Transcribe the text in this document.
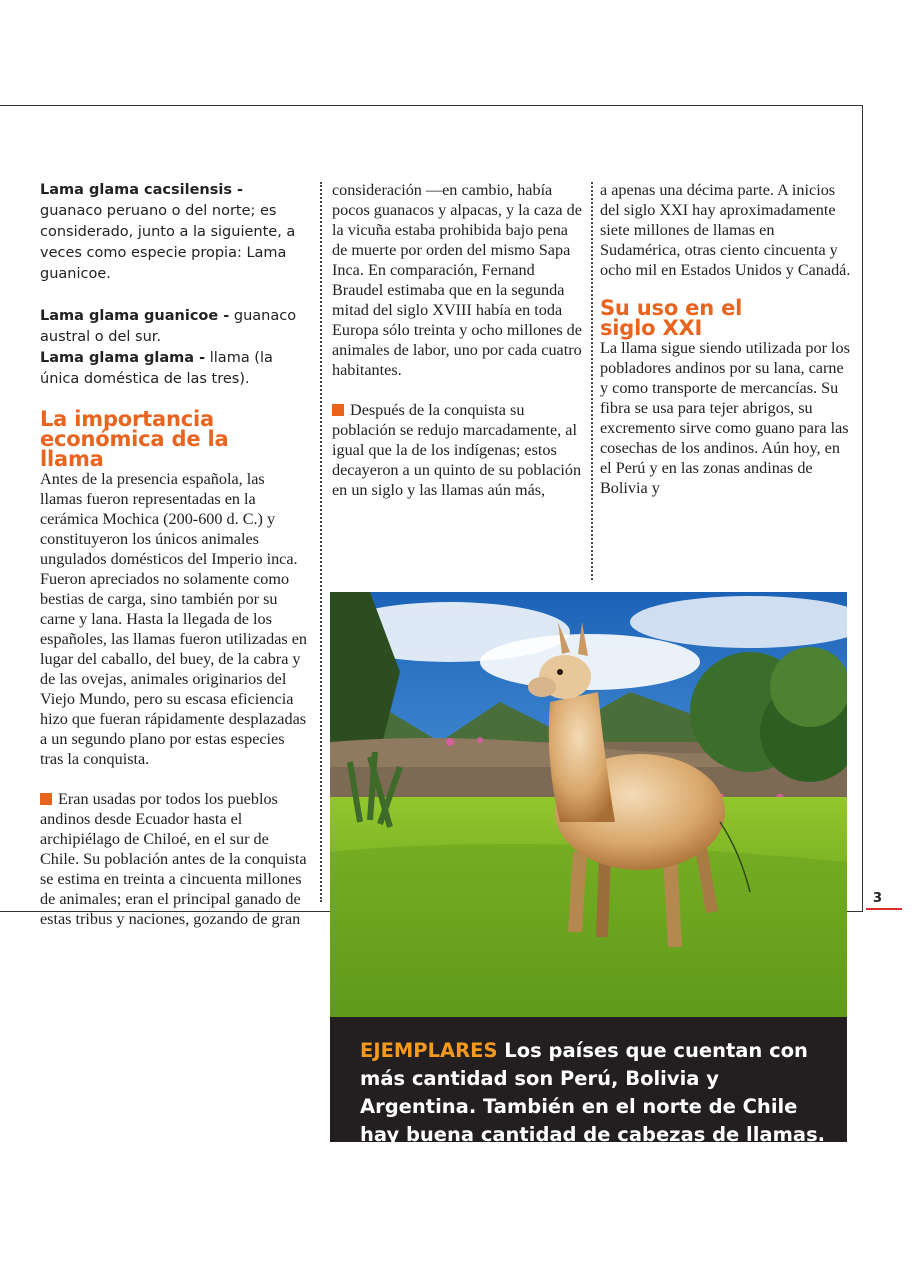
Lama glama cacsilensis - guanaco peruano o del norte; es considerado, junto a la siguiente, a veces como especie propia: Lama guanicoe.

Lama glama guanicoe - guanaco austral o del sur.

Lama glama glama - llama (la única doméstica de las tres).

La importancia económica de la llama

Antes de la presencia española, las llamas fueron representadas en la cerámica Mochica (200-600 d. C.) y constituyeron los únicos animales ungulados domésticos del Imperio inca. Fueron apreciados no solamente como bestias de carga, sino también por su carne y lana. Hasta la llegada de los españoles, las llamas fueron utilizadas en lugar del caballo, del buey, de la cabra y de las ovejas, animales originarios del Viejo Mundo, pero su escasa eficiencia hizo que fueran rápidamente desplazadas a un segundo plano por estas especies tras la conquista.

Eran usadas por todos los pueblos andinos desde Ecuador hasta el archipiélago de Chiloé, en el sur de Chile. Su población antes de la conquista se estima en treinta a cincuenta millones de animales; eran el principal ganado de estas tribus y naciones, gozando de gran

consideración —en cambio, había pocos guanacos y alpacas, y la caza de la vicuña estaba prohibida bajo pena de muerte por orden del mismo Sapa Inca. En comparación, Fernand Braudel estimaba que en la segunda mitad del siglo XVIII había en toda Europa sólo treinta y ocho millones de animales de labor, uno por cada cuatro habitantes.

Después de la conquista su población se redujo marcadamente, al igual que la de los indígenas; estos decayeron a un quinto de su población en un siglo y las llamas aún más,

a apenas una décima parte. A inicios del siglo XXI hay aproximadamente siete millones de llamas en Sudamérica, otras ciento cincuenta y ocho mil en Estados Unidos y Canadá.

Su uso en el siglo XXI

La llama sigue siendo utilizada por los pobladores andinos por su lana, carne y como transporte de mercancías. Su fibra se usa para tejer abrigos, su excremento sirve como guano para las cosechas de los andinos. Aún hoy, en el Perú y en las zonas andinas de Bolivia y

EJEMPLARES Los países que cuentan con más cantidad son Perú, Bolivia y Argentina. También en el norte de Chile hay buena cantidad de cabezas de llamas.

3
